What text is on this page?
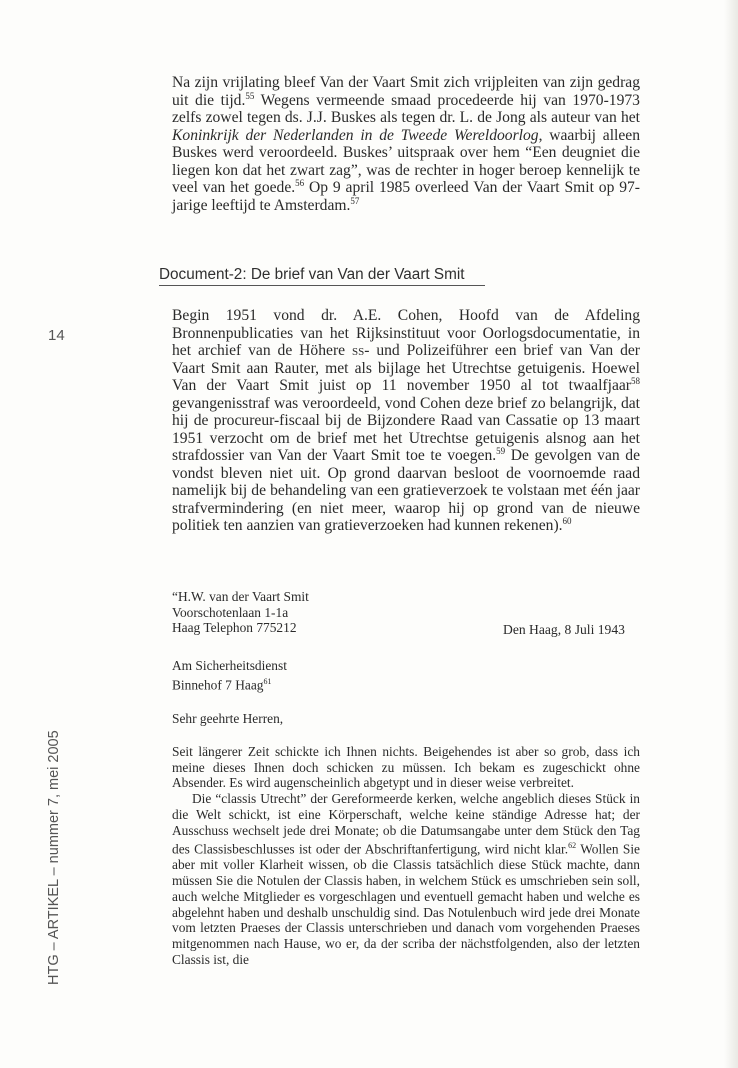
14
HTG – ARTIKEL – nummer 7, mei 2005

Na zijn vrijlating bleef Van der Vaart Smit zich vrijpleiten van zijn gedrag uit die tijd.$^{55}$ Wegens vermeende smaad procedeerde hij van 1970-1973 zelfs zowel tegen ds. J.J. Buskes als tegen dr. L. de Jong als auteur van het Koninkrijk der Nederlanden in de Tweede Wereldoorlog, waarbij alleen Buskes werd veroordeeld. Buskes’ uitspraak over hem “Een deugniet die liegen kon dat het zwart zag”, was de rechter in hoger beroep kennelijk te veel van het goede.$^{56}$ Op 9 april 1985 overleed Van der Vaart Smit op 97-jarige leeftijd te Amsterdam.$^{57}$

Document-2: De brief van Van der Vaart Smit

Begin 1951 vond dr. A.E. Cohen, Hoofd van de Afdeling Bronnenpublicaties van het Rijksinstituut voor Oorlogsdocumentatie, in het archief van de Höhere ss- und Polizeiführer een brief van Van der Vaart Smit aan Rauter, met als bijlage het Utrechtse getuigenis. Hoewel Van der Vaart Smit juist op 11 november 1950 al tot twaalfjaar$^{58}$ gevangenisstraf was veroordeeld, vond Cohen deze brief zo belangrijk, dat hij de procureur-fiscaal bij de Bijzondere Raad van Cassatie op 13 maart 1951 verzocht om de brief met het Utrechtse getuigenis alsnog aan het strafdossier van Van der Vaart Smit toe te voegen.$^{59}$ De gevolgen van de vondst bleven niet uit. Op grond daarvan besloot de voornoemde raad namelijk bij de behandeling van een gratieverzoek te volstaan met één jaar strafvermindering (en niet meer, waarop hij op grond van de nieuwe politiek ten aanzien van gratieverzoeken had kunnen rekenen).$^{60}$

“H.W. van der Vaart Smit

Voorschotenlaan 1-1a

Haag Telephon 775212	Den Haag, 8 Juli 1943

Am Sicherheitsdienst

Binnehof 7 Haag$^{61}$

Sehr geehrte Herren,

Seit längerer Zeit schickte ich Ihnen nichts. Beigehendes ist aber so grob, dass ich meine dieses Ihnen doch schicken zu müssen. Ich bekam es zugeschickt ohne Absender. Es wird augenscheinlich abgetypt und in dieser weise verbreitet.

Die “classis Utrecht” der Gereformeerde kerken, welche angeblich dieses Stück in die Welt schickt, ist eine Körperschaft, welche keine ständige Adresse hat; der Ausschuss wechselt jede drei Monate; ob die Datumsangabe unter dem Stück den Tag des Classisbeschlusses ist oder der Abschriftanfertigung, wird nicht klar.$^{62}$ Wollen Sie aber mit voller Klarheit wissen, ob die Classis tatsächlich diese Stück machte, dann müssen Sie die Notulen der Classis haben, in welchem Stück es umschrieben sein soll, auch welche Mitglieder es vorgeschlagen und eventuell gemacht haben und welche es abgelehnt haben und deshalb unschuldig sind. Das Notulenbuch wird jede drei Monate vom letzten Praeses der Classis unterschrieben und danach vom vorgehenden Praeses mitgenommen nach Hause, wo er, da der scriba der nächstfolgenden, also der letzten Classis ist, die
